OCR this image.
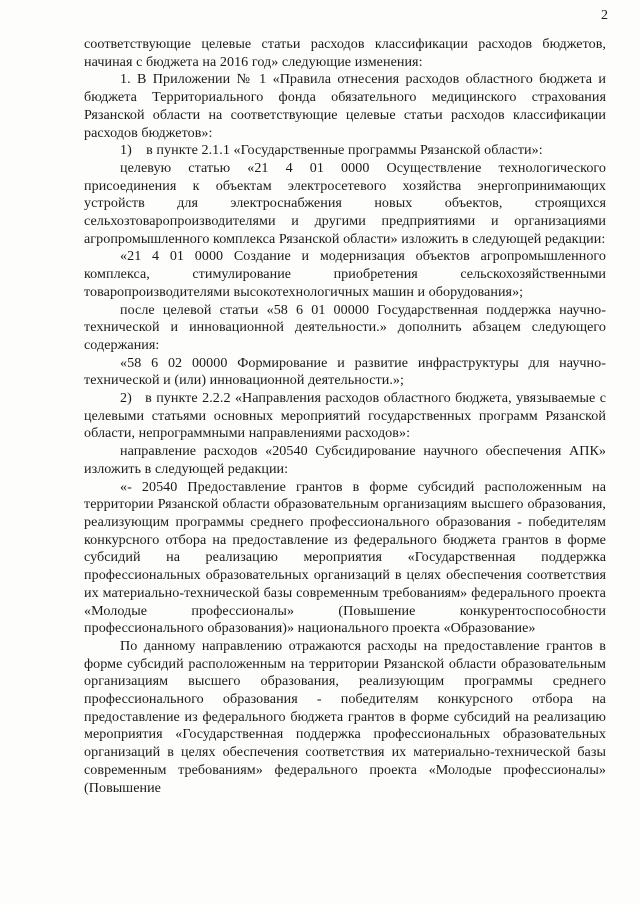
2

соответствующие целевые статьи расходов классификации расходов бюджетов, начиная с бюджета на 2016 год» следующие изменения:

1. В Приложении № 1 «Правила отнесения расходов областного бюджета и бюджета Территориального фонда обязательного медицинского страхования Рязанской области на соответствующие целевые статьи расходов классификации расходов бюджетов»:

1)    в пункте 2.1.1 «Государственные программы Рязанской области»:

целевую статью «21 4 01 0000 Осуществление технологического присоединения к объектам электросетевого хозяйства энергопринимающих устройств для электроснабжения новых объектов, строящихся сельхозтоваропроизводителями и другими предприятиями и организациями агропромышленного комплекса Рязанской области» изложить в следующей редакции:

«21 4 01 0000 Создание и модернизация объектов агропромышленного комплекса, стимулирование приобретения сельскохозяйственными товаропроизводителями высокотехнологичных машин и оборудования»;

после целевой статьи «58 6 01 00000 Государственная поддержка научно-технической и инновационной деятельности.» дополнить абзацем следующего содержания:

«58 6 02 00000 Формирование и развитие инфраструктуры для научно-технической и (или) инновационной деятельности.»;

2)   в пункте 2.2.2 «Направления расходов областного бюджета, увязываемые с целевыми статьями основных мероприятий государственных программ Рязанской области, непрограммными направлениями расходов»:

направление расходов «20540 Субсидирование научного обеспечения АПК» изложить в следующей редакции:

«- 20540 Предоставление грантов в форме субсидий расположенным на территории Рязанской области образовательным организациям высшего образования, реализующим программы среднего профессионального образования - победителям конкурсного отбора на предоставление из федерального бюджета грантов в форме субсидий на реализацию мероприятия «Государственная поддержка профессиональных образовательных организаций в целях обеспечения соответствия их материально-технической базы современным требованиям» федерального проекта «Молодые профессионалы» (Повышение конкурентоспособности профессионального образования)» национального проекта «Образование»

По данному направлению отражаются расходы на предоставление грантов в форме субсидий расположенным на территории Рязанской области образовательным организациям высшего образования, реализующим программы среднего профессионального образования - победителям конкурсного отбора на предоставление из федерального бюджета грантов в форме субсидий на реализацию мероприятия «Государственная поддержка профессиональных образовательных организаций в целях обеспечения соответствия их материально-технической базы современным требованиям» федерального проекта «Молодые профессионалы» (Повышение
